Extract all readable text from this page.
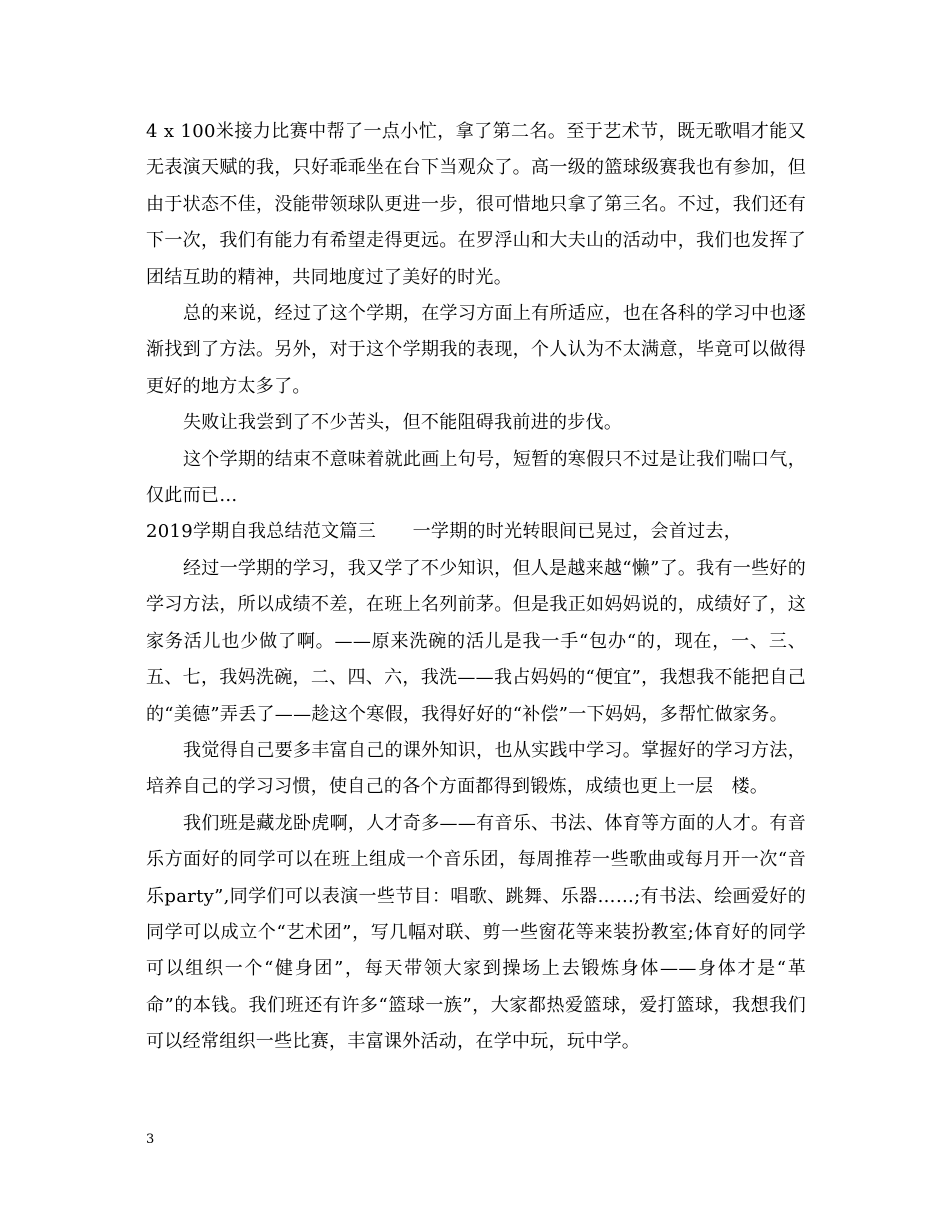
4 x 100米接力比赛中帮了一点小忙，拿了第二名。至于艺术节，既无歌唱才能又无表演天赋的我，只好乖乖坐在台下当观众了。高一级的篮球级赛我也有参加，但由于状态不佳，没能带领球队更进一步，很可惜地只拿了第三名。不过，我们还有下一次，我们有能力有希望走得更远。在罗浮山和大夫山的活动中，我们也发挥了团结互助的精神，共同地度过了美好的时光。

总的来说，经过了这个学期，在学习方面上有所适应，也在各科的学习中也逐渐找到了方法。另外，对于这个学期我的表现，个人认为不太满意，毕竟可以做得更好的地方太多了。

失败让我尝到了不少苦头，但不能阻碍我前进的步伐。

这个学期的结束不意味着就此画上句号，短暂的寒假只不过是让我们喘口气，仅此而已…

2019学期自我总结范文篇三　　一学期的时光转眼间已晃过，会首过去，

经过一学期的学习，我又学了不少知识，但人是越来越“懒”了。我有一些好的学习方法，所以成绩不差，在班上名列前茅。但是我正如妈妈说的，成绩好了，这家务活儿也少做了啊。——原来洗碗的活儿是我一手“包办“的，现在，一、三、五、七，我妈洗碗，二、四、六，我洗——我占妈妈的“便宜”，我想我不能把自己的“美德”弄丢了——趁这个寒假，我得好好的“补偿”一下妈妈，多帮忙做家务。

我觉得自己要多丰富自己的课外知识，也从实践中学习。掌握好的学习方法，培养自己的学习习惯，使自己的各个方面都得到锻炼，成绩也更上一层　楼。

我们班是藏龙卧虎啊，人才奇多——有音乐、书法、体育等方面的人才。有音乐方面好的同学可以在班上组成一个音乐团，每周推荐一些歌曲或每月开一次“音乐party”,同学们可以表演一些节目：唱歌、跳舞、乐器……;有书法、绘画爱好的同学可以成立个“艺术团”，写几幅对联、剪一些窗花等来装扮教室;体育好的同学可以组织一个“健身团”，每天带领大家到操场上去锻炼身体——身体才是“革命”的本钱。我们班还有许多“篮球一族”，大家都热爱篮球，爱打篮球，我想我们可以经常组织一些比赛，丰富课外活动，在学中玩，玩中学。

3
